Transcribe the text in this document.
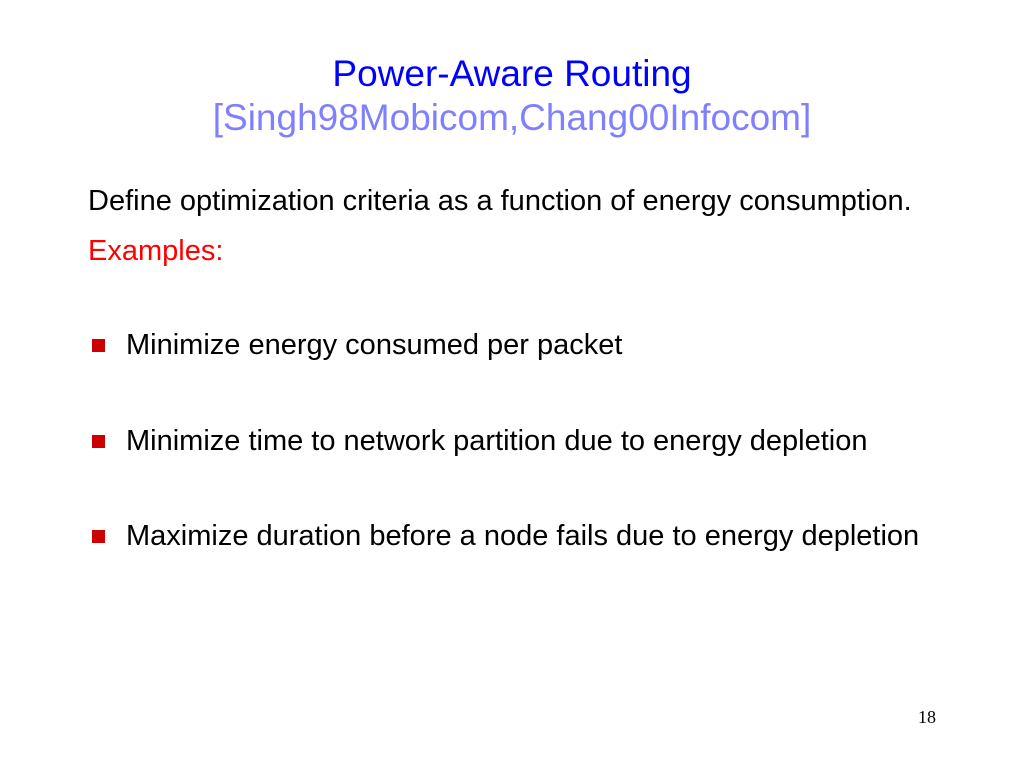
Power-Aware Routing
[Singh98Mobicom,Chang00Infocom]
Define optimization criteria as a function of energy consumption. Examples:
Minimize energy consumed per packet
Minimize time to network partition due to energy depletion
Maximize duration before a node fails due to energy depletion
18
